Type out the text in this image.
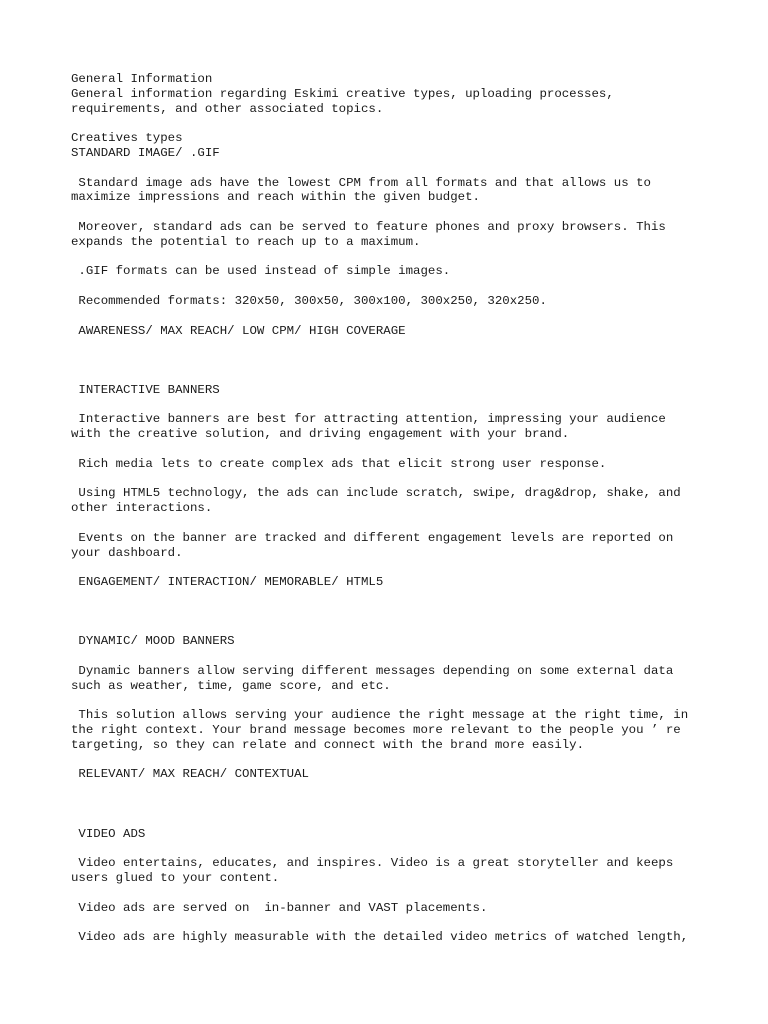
General Information
General information regarding Eskimi creative types, uploading processes,
requirements, and other associated topics.

Creatives types
STANDARD IMAGE/ .GIF

Standard image ads have the lowest CPM from all formats and that allows us to
maximize impressions and reach within the given budget.

Moreover, standard ads can be served to feature phones and proxy browsers. This
expands the potential to reach up to a maximum.

.GIF formats can be used instead of simple images.

Recommended formats: 320x50, 300x50, 300x100, 300x250, 320x250.

AWARENESS/ MAX REACH/ LOW CPM/ HIGH COVERAGE

INTERACTIVE BANNERS

Interactive banners are best for attracting attention, impressing your audience
with the creative solution, and driving engagement with your brand.

Rich media lets to create complex ads that elicit strong user response.

Using HTML5 technology, the ads can include scratch, swipe, drag&drop, shake, and
other interactions.

Events on the banner are tracked and different engagement levels are reported on
your dashboard.

ENGAGEMENT/ INTERACTION/ MEMORABLE/ HTML5

DYNAMIC/ MOOD BANNERS

Dynamic banners allow serving different messages depending on some external data
such as weather, time, game score, and etc.

This solution allows serving your audience the right message at the right time, in
the right context. Your brand message becomes more relevant to the people you ’ re
targeting, so they can relate and connect with the brand more easily.

RELEVANT/ MAX REACH/ CONTEXTUAL

VIDEO ADS

Video entertains, educates, and inspires. Video is a great storyteller and keeps
users glued to your content.

Video ads are served on  in-banner and VAST placements.

Video ads are highly measurable with the detailed video metrics of watched length,
